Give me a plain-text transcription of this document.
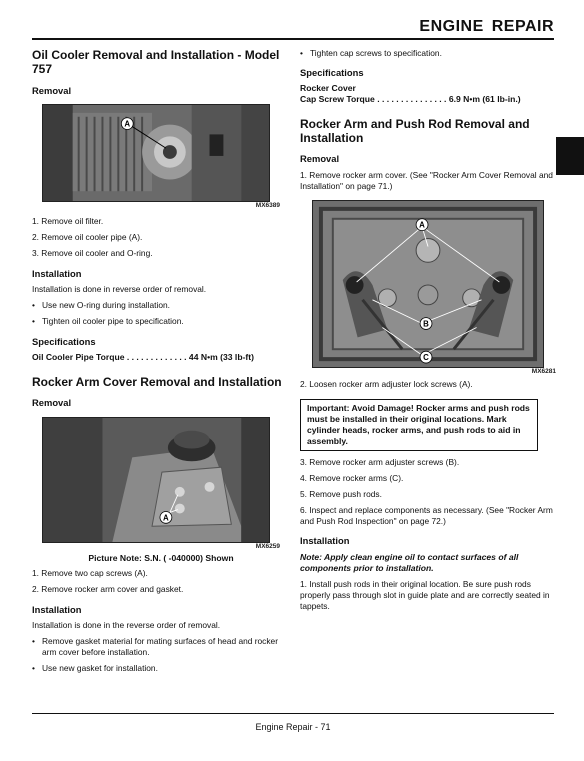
ENGINE REPAIR
Oil Cooler Removal and Installation - Model 757
Removal
A
MX6389
1. Remove oil filter.
2. Remove oil cooler pipe (A).
3. Remove oil cooler and O-ring.
Installation
Installation is done in reverse order of removal.
• Use new O-ring during installation.
• Tighten oil cooler pipe to specification.
Specifications
Oil Cooler Pipe Torque . . . . . . . . . . . . . 44 N•m (33 lb-ft)
Rocker Arm Cover Removal and Installation
Removal
A
MX6259
Picture Note: S.N. ( -040000) Shown
1. Remove two cap screws (A).
2. Remove rocker arm cover and gasket.
Installation
Installation is done in the reverse order of removal.
• Remove gasket material for mating surfaces of head and rocker arm cover before installation.
• Use new gasket for installation.
• Tighten cap screws to specification.
Specifications
Rocker Cover
Cap Screw Torque . . . . . . . . . . . . . . . 6.9 N•m (61 lb-in.)
Rocker Arm and Push Rod Removal and Installation
Removal
1. Remove rocker arm cover. (See "Rocker Arm Cover Removal and Installation" on page 71.)
A
B
C
MX6281
2. Loosen rocker arm adjuster lock screws (A).
Important: Avoid Damage! Rocker arms and push rods must be installed in their original locations. Mark cylinder heads, rocker arms, and push rods to aid in assembly.
3. Remove rocker arm adjuster screws (B).
4. Remove rocker arms (C).
5. Remove push rods.
6. Inspect and replace components as necessary. (See "Rocker Arm and Push Rod Inspection" on page 72.)
Installation
Note: Apply clean engine oil to contact surfaces of all components prior to installation.
1. Install push rods in their original location. Be sure push rods properly pass through slot in guide plate and are correctly seated in tappets.
Engine Repair - 71
